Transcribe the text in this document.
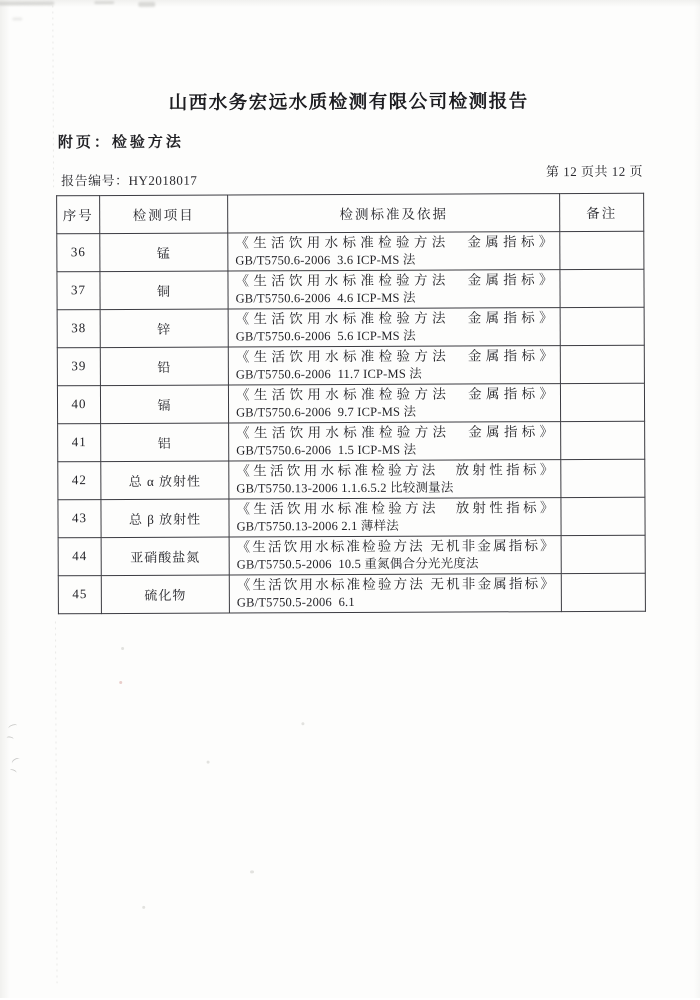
山西水务宏远水质检测有限公司检测报告
附页：检验方法
报告编号：HY2018017
第 12 页共 12 页
序号	检测项目	检测标准及依据	备注
36	锰	《生活饮用水标准检验方法　金属指标》
GB/T5750.6-2006  3.6 ICP-MS 法	

37	铜	《生活饮用水标准检验方法　金属指标》
GB/T5750.6-2006  4.6 ICP-MS 法	

38	锌	《生活饮用水标准检验方法　金属指标》
GB/T5750.6-2006  5.6 ICP-MS 法	

39	铅	《生活饮用水标准检验方法　金属指标》
GB/T5750.6-2006  11.7 ICP-MS 法	

40	镉	《生活饮用水标准检验方法　金属指标》
GB/T5750.6-2006  9.7 ICP-MS 法	

41	铝	《生活饮用水标准检验方法　金属指标》
GB/T5750.6-2006  1.5 ICP-MS 法	

42	总 α 放射性	《生活饮用水标准检验方法　放射性指标》
GB/T5750.13-2006 1.1.6.5.2 比较测量法	

43	总 β 放射性	《生活饮用水标准检验方法　放射性指标》
GB/T5750.13-2006 2.1 薄样法	

44	亚硝酸盐氮	《生活饮用水标准检验方法 无机非金属指标》
GB/T5750.5-2006  10.5 重氮偶合分光光度法	

45	硫化物	《生活饮用水标准检验方法 无机非金属指标》
GB/T5750.5-2006  6.1	
